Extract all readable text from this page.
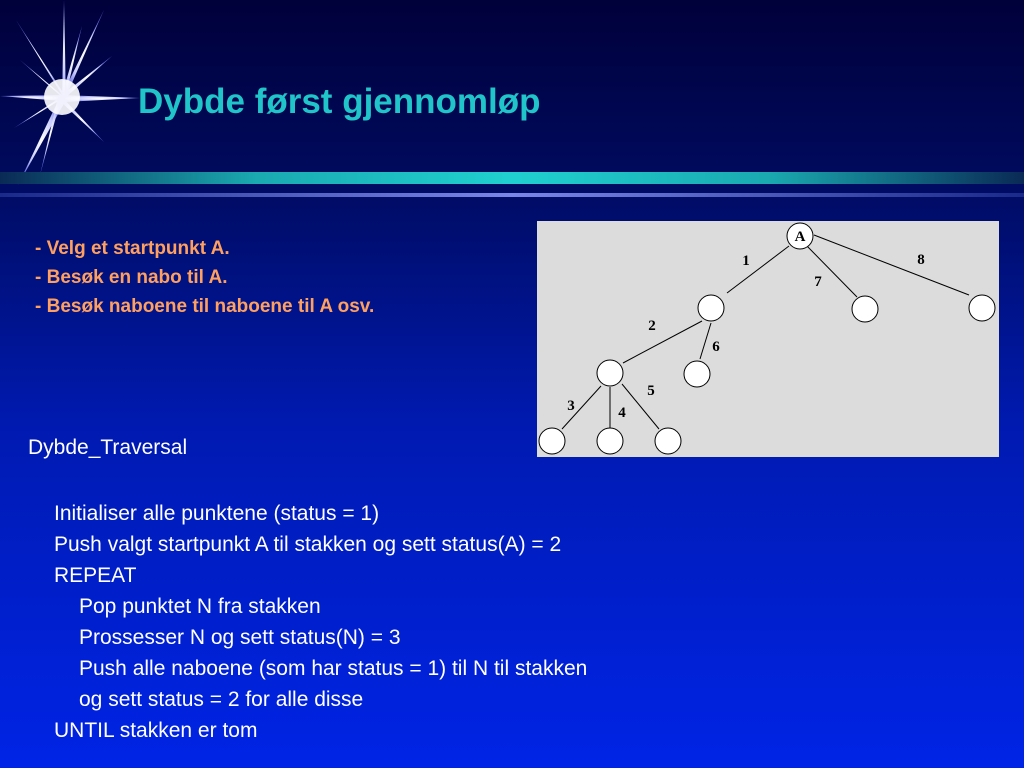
Dybde først gjennomløp
- Velg et startpunkt A.
- Besøk en nabo til A.
- Besøk naboene til naboene til A osv.
A
1
2
3	4
5
6
7
8

Dybde_Traversal

Initialiser alle punktene (status = 1)
Push valgt startpunkt A til stakken og sett status(A) = 2
REPEAT
Pop punktet N fra stakken
Prossesser N og sett status(N) = 3
Push alle naboene (som har status = 1) til N til stakken
og sett status = 2 for alle disse
UNTIL stakken er tom
